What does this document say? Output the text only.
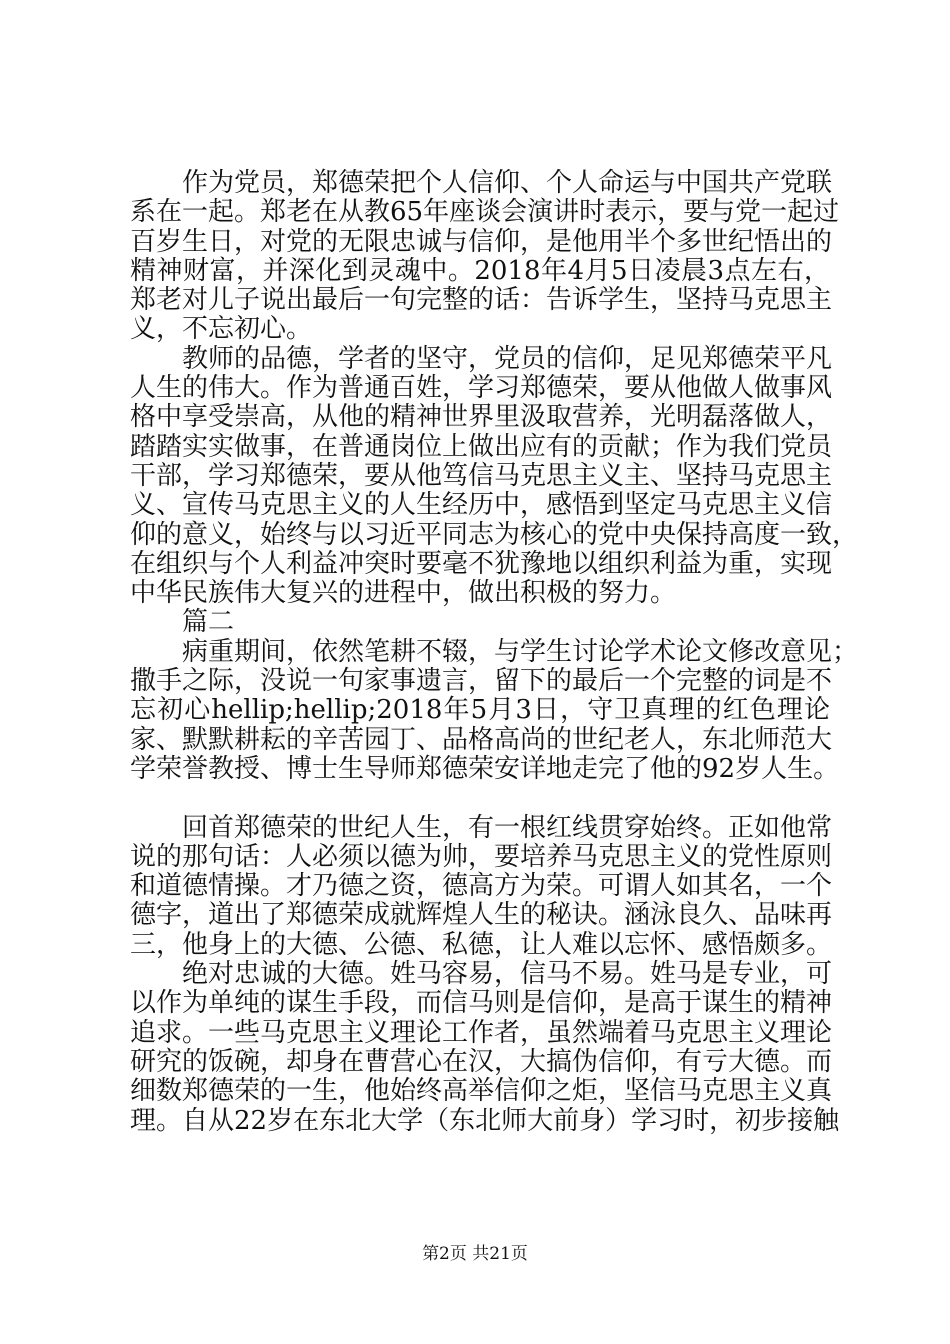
作为党员，郑德荣把个人信仰、个人命运与中国共产党联
系在一起。郑老在从教65年座谈会演讲时表示，要与党一起过
百岁生日，对党的无限忠诚与信仰，是他用半个多世纪悟出的
精神财富，并深化到灵魂中。2018年4月5日凌晨3点左右，
郑老对儿子说出最后一句完整的话：告诉学生，坚持马克思主
义，不忘初心。
教师的品德，学者的坚守，党员的信仰，足见郑德荣平凡
人生的伟大。作为普通百姓，学习郑德荣，要从他做人做事风
格中享受崇高，从他的精神世界里汲取营养，光明磊落做人，
踏踏实实做事，在普通岗位上做出应有的贡献；作为我们党员
干部，学习郑德荣，要从他笃信马克思主义主、坚持马克思主
义、宣传马克思主义的人生经历中，感悟到坚定马克思主义信
仰的意义，始终与以习近平同志为核心的党中央保持高度一致，
在组织与个人利益冲突时要毫不犹豫地以组织利益为重，实现
中华民族伟大复兴的进程中，做出积极的努力。
篇二
病重期间，依然笔耕不辍，与学生讨论学术论文修改意见；
撒手之际，没说一句家事遗言，留下的最后一个完整的词是不
忘初心hellip;hellip;2018年5月3日，守卫真理的红色理论
家、默默耕耘的辛苦园丁、品格高尚的世纪老人，东北师范大
学荣誉教授、博士生导师郑德荣安详地走完了他的92岁人生。
回首郑德荣的世纪人生，有一根红线贯穿始终。正如他常
说的那句话：人必须以德为帅，要培养马克思主义的党性原则
和道德情操。才乃德之资，德高方为荣。可谓人如其名，一个
德字，道出了郑德荣成就辉煌人生的秘诀。涵泳良久、品味再
三，他身上的大德、公德、私德，让人难以忘怀、感悟颇多。
绝对忠诚的大德。姓马容易，信马不易。姓马是专业，可
以作为单纯的谋生手段，而信马则是信仰，是高于谋生的精神
追求。一些马克思主义理论工作者，虽然端着马克思主义理论
研究的饭碗，却身在曹营心在汉，大搞伪信仰，有亏大德。而
细数郑德荣的一生，他始终高举信仰之炬，坚信马克思主义真
理。自从22岁在东北大学（东北师大前身）学习时，初步接触
第2页 共21页
